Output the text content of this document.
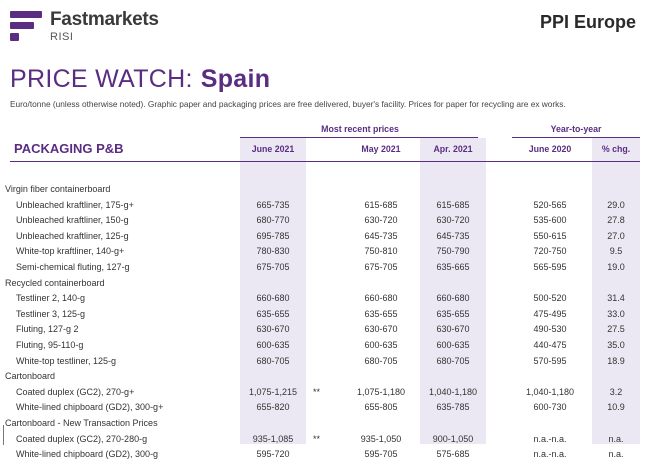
Fastmarkets
RISI
PPI Europe
PRICE WATCH: Spain
Euro/tonne (unless otherwise noted). Graphic paper and packaging prices are free delivered, buyer's facility. Prices for paper for recycling are ex works.
Most recent prices	Year-to-year
PACKAGING P&B	June 2021	May 2021	Apr. 2021	June 2020	% chg.
Virgin fiber containerboard
Unbleached kraftliner, 175-g+	665-735	615-685	615-685	520-565	29.0
Unbleached kraftliner, 150-g	680-770	630-720	630-720	535-600	27.8
Unbleached kraftliner, 125-g	695-785	645-735	645-735	550-615	27.0
White-top kraftliner, 140-g+	780-830	750-810	750-790	720-750	9.5
Semi-chemical fluting, 127-g	675-705	675-705	635-665	565-595	19.0
Recycled containerboard
Testliner 2, 140-g	660-680	660-680	660-680	500-520	31.4
Testliner 3, 125-g	635-655	635-655	635-655	475-495	33.0
Fluting, 127-g 2	630-670	630-670	630-670	490-530	27.5
Fluting, 95-110-g	600-635	600-635	600-635	440-475	35.0
White-top testliner, 125-g	680-705	680-705	680-705	570-595	18.9
Cartonboard
Coated duplex (GC2), 270-g+	1,075-1,215	**	1,075-1,180	1,040-1,180	1,040-1,180	3.2
White-lined chipboard (GD2), 300-g+	655-820	655-805	635-785	600-730	10.9
Cartonboard - New Transaction Prices
Coated duplex (GC2), 270-280-g	935-1,085	**	935-1,050	900-1,050	n.a.-n.a.	n.a.
White-lined chipboard (GD2), 300-g	595-720	595-705	575-685	n.a.-n.a.	n.a.
